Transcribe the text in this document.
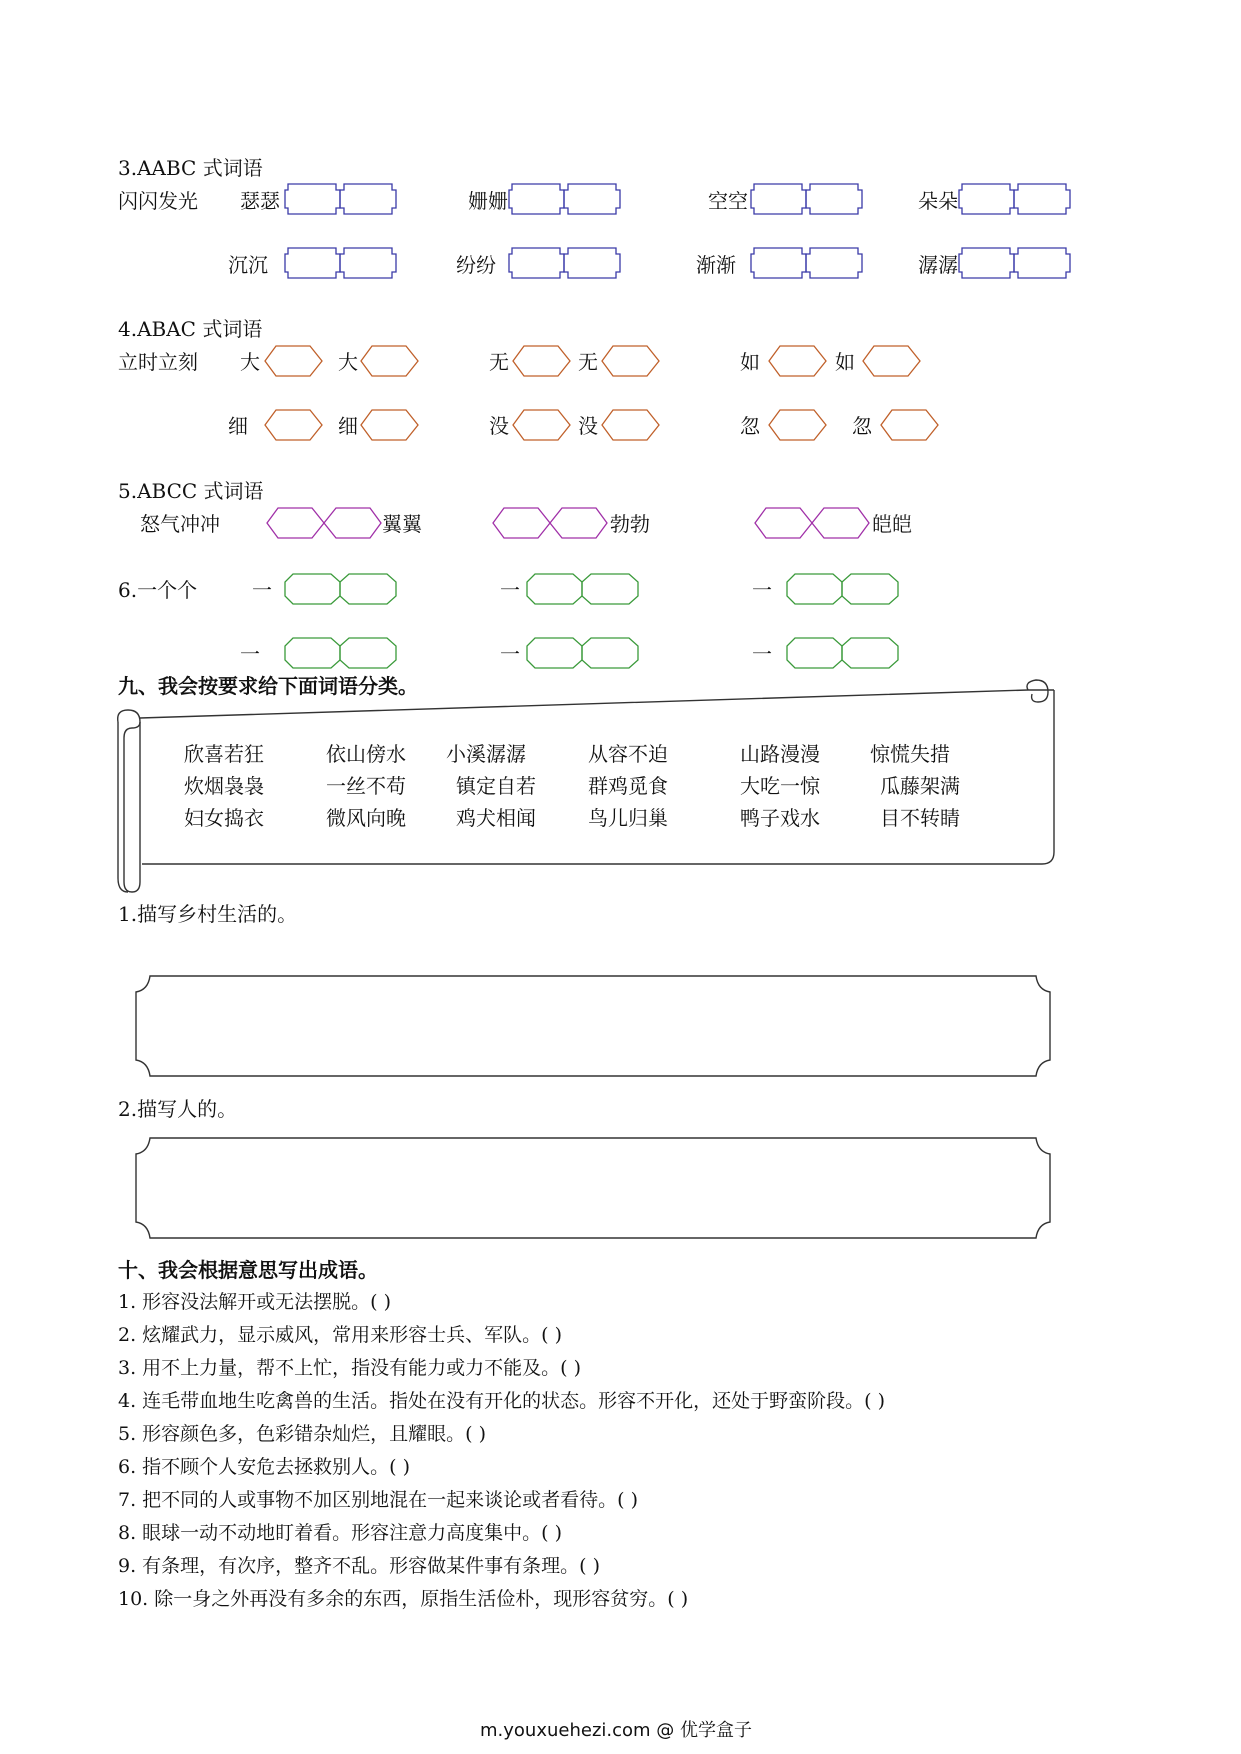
3.AABC 式词语
闪闪发光 瑟瑟	姗姗	空空	朵朵
沉沉	纷纷	渐渐	潺潺
4.ABAC 式词语
立时立刻 大	大	无	无	如	如
细	细	没	没	忽	忽
5.ABCC 式词语
怒气冲冲	翼翼	勃勃	皑皑
6.一个个	一	一	一
一	一	一
九、我会按要求给下面词语分类。
欣喜若狂	依山傍水 小溪潺潺	从容不迫	山路漫漫	惊慌失措
炊烟袅袅	一丝不苟	镇定自若	群鸡觅食	大吃一惊	瓜藤架满
妇女捣衣	微风向晚	鸡犬相闻	鸟儿归巢	鸭子戏水	目不转睛
1.描写乡村生活的。
2.描写人的。
十、我会根据意思写出成语。
1. 形容没法解开或无法摆脱。( )
2. 炫耀武力，显示威风，常用来形容士兵、军队。( )
3. 用不上力量，帮不上忙，指没有能力或力不能及。( )
4. 连毛带血地生吃禽兽的生活。指处在没有开化的状态。形容不开化，还处于野蛮阶段。( )
5. 形容颜色多，色彩错杂灿烂，且耀眼。( )
6. 指不顾个人安危去拯救别人。( )
7. 把不同的人或事物不加区别地混在一起来谈论或者看待。( )
8. 眼球一动不动地盯着看。形容注意力高度集中。( )
9. 有条理，有次序，整齐不乱。形容做某件事有条理。( )
10. 除一身之外再没有多余的东西，原指生活俭朴，现形容贫穷。( )
m.youxuehezi.com @ 优学盒子
